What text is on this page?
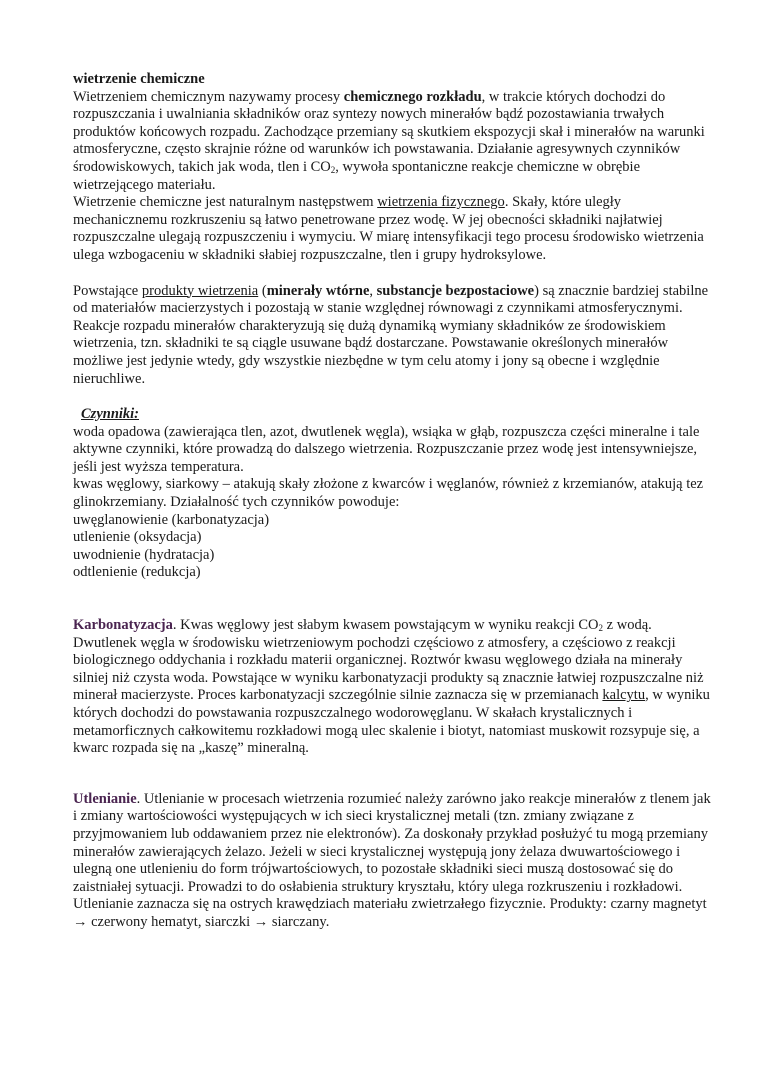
wietrzenie chemiczne

Wietrzeniem chemicznym nazywamy procesy chemicznego rozkładu, w trakcie których dochodzi do rozpuszczania i uwalniania składników oraz syntezy nowych minerałów bądź pozostawiania trwałych produktów końcowych rozpadu. Zachodzące przemiany są skutkiem ekspozycji skał i minerałów na warunki atmosferyczne, często skrajnie różne od warunków ich powstawania. Działanie agresywnych czynników środowiskowych, takich jak woda, tlen i $CO_2$, wywoła spontaniczne reakcje chemiczne w obrębie wietrzejącego materiału.

Wietrzenie chemiczne jest naturalnym następstwem wietrzenia fizycznego. Skały, które uległy mechanicznemu rozkruszeniu są łatwo penetrowane przez wodę. W jej obecności składniki najłatwiej rozpuszczalne ulegają rozpuszczeniu i wymyciu. W miarę intensyfikacji tego procesu środowisko wietrzenia ulega wzbogaceniu w składniki słabiej rozpuszczalne, tlen i grupy hydroksylowe.

Powstające produkty wietrzenia (minerały wtórne, substancje bezpostaciowe) są znacznie bardziej stabilne od materiałów macierzystych i pozostają w stanie względnej równowagi z czynnikami atmosferycznymi.

Reakcje rozpadu minerałów charakteryzują się dużą dynamiką wymiany składników ze środowiskiem wietrzenia, tzn. składniki te są ciągle usuwane bądź dostarczane. Powstawanie określonych minerałów możliwe jest jedynie wtedy, gdy wszystkie niezbędne w tym celu atomy i jony są obecne i względnie nieruchliwe.

Czynniki:

woda opadowa (zawierająca tlen, azot, dwutlenek węgla), wsiąka w głąb, rozpuszcza części mineralne i tale aktywne czynniki, które prowadzą do dalszego wietrzenia. Rozpuszczanie przez wodę jest intensywniejsze, jeśli jest wyższa temperatura.

kwas węglowy, siarkowy – atakują skały złożone z kwarców i węglanów, również z krzemianów, atakują tez glinokrzemiany. Działalność tych czynników powoduje:

uwęglanowienie (karbonatyzacja)

utlenienie (oksydacja)

uwodnienie (hydratacja)

odtlenienie (redukcja)

Karbonatyzacja. Kwas węglowy jest słabym kwasem powstającym w wyniku reakcji $CO_2$ z wodą. Dwutlenek węgla w środowisku wietrzeniowym pochodzi częściowo z atmosfery, a częściowo z reakcji biologicznego oddychania i rozkładu materii organicznej. Roztwór kwasu węglowego działa na minerały silniej niż czysta woda. Powstające w wyniku karbonatyzacji produkty są znacznie łatwiej rozpuszczalne niż minerał macierzyste. Proces karbonatyzacji szczególnie silnie zaznacza się w przemianach kalcytu, w wyniku których dochodzi do powstawania rozpuszczalnego wodorowęglanu. W skałach krystalicznych i metamorficznych całkowitemu rozkładowi mogą ulec skalenie i biotyt, natomiast muskowit rozsypuje się, a kwarc rozpada się na „kaszę” mineralną.

Utlenianie. Utlenianie w procesach wietrzenia rozumieć należy zarówno jako reakcje minerałów z tlenem jak i zmiany wartościowości występujących w ich sieci krystalicznej metali (tzn. zmiany związane z przyjmowaniem lub oddawaniem przez nie elektronów). Za doskonały przykład posłużyć tu mogą przemiany minerałów zawierających żelazo. Jeżeli w sieci krystalicznej występują jony żelaza dwuwartościowego i ulegną one utlenieniu do form trójwartościowych, to pozostałe składniki sieci muszą dostosować się do zaistniałej sytuacji. Prowadzi to do osłabienia struktury kryształu, który ulega rozkruszeniu i rozkładowi. Utlenianie zaznacza się na ostrych krawędziach materiału zwietrzałego fizycznie. Produkty: czarny magnetyt → czerwony hematyt, siarczki → siarczany.
